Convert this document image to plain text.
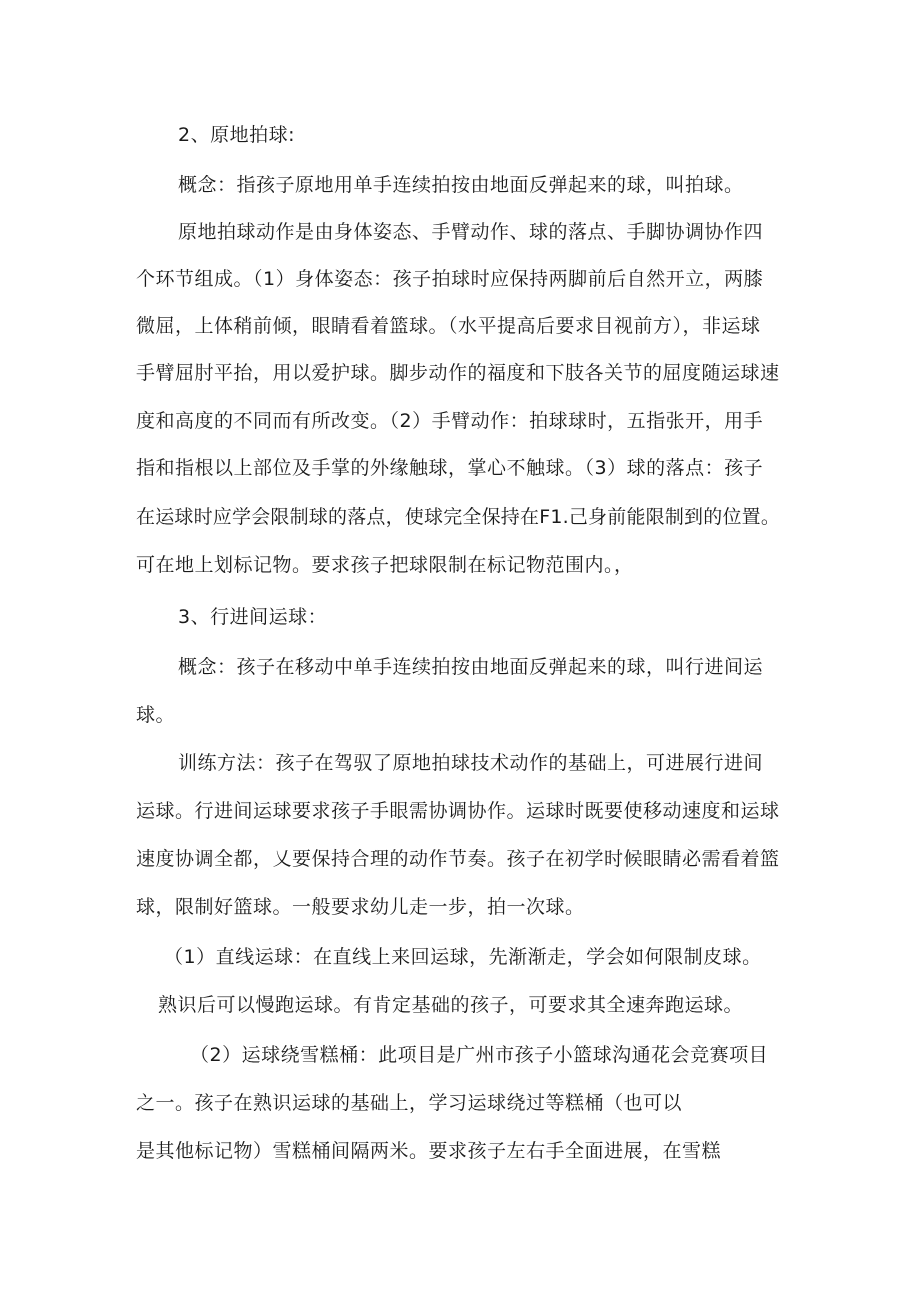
2、原地拍球:

概念：指孩子原地用单手连续拍按由地面反弹起来的球，叫拍球。

原地拍球动作是由身体姿态、手臂动作、球的落点、手脚协调协作四

个环节组成。（1）身体姿态：孩子拍球时应保持两脚前后自然开立，两膝

微屈，上体稍前倾，眼睛看着篮球。（水平提高后要求目视前方），非运球

手臂屈肘平抬，用以爱护球。脚步动作的福度和下肢各关节的屈度随运球速

度和高度的不同而有所改变。（2）手臂动作：拍球球时，五指张开，用手

指和指根以上部位及手掌的外缘触球，掌心不触球。（3）球的落点：孩子

在运球时应学会限制球的落点，使球完全保持在F1.己身前能限制到的位置。

可在地上划标记物。要求孩子把球限制在标记物范围内。，

3、行进间运球：

概念：孩子在移动中单手连续拍按由地面反弹起来的球，叫行进间运

球。

训练方法：孩子在驾驭了原地拍球技术动作的基础上，可进展行进间

运球。行进间运球要求孩子手眼需协调协作。运球时既要使移动速度和运球

速度协调全都，乂要保持合理的动作节奏。孩子在初学时候眼睛必需看着篮

球，限制好篮球。一般要求幼儿走一步，拍一次球。

（1）直线运球：在直线上来回运球，先渐渐走，学会如何限制皮球。

熟识后可以慢跑运球。有肯定基础的孩子，可要求其全速奔跑运球。

（2）运球绕雪糕桶：此项目是广州市孩子小篮球沟通花会竞赛项目

之一。孩子在熟识运球的基础上，学习运球绕过等糕桶（也可以

是其他标记物）雪糕桶间隔两米。要求孩子左右手全面进展，在雪糕
